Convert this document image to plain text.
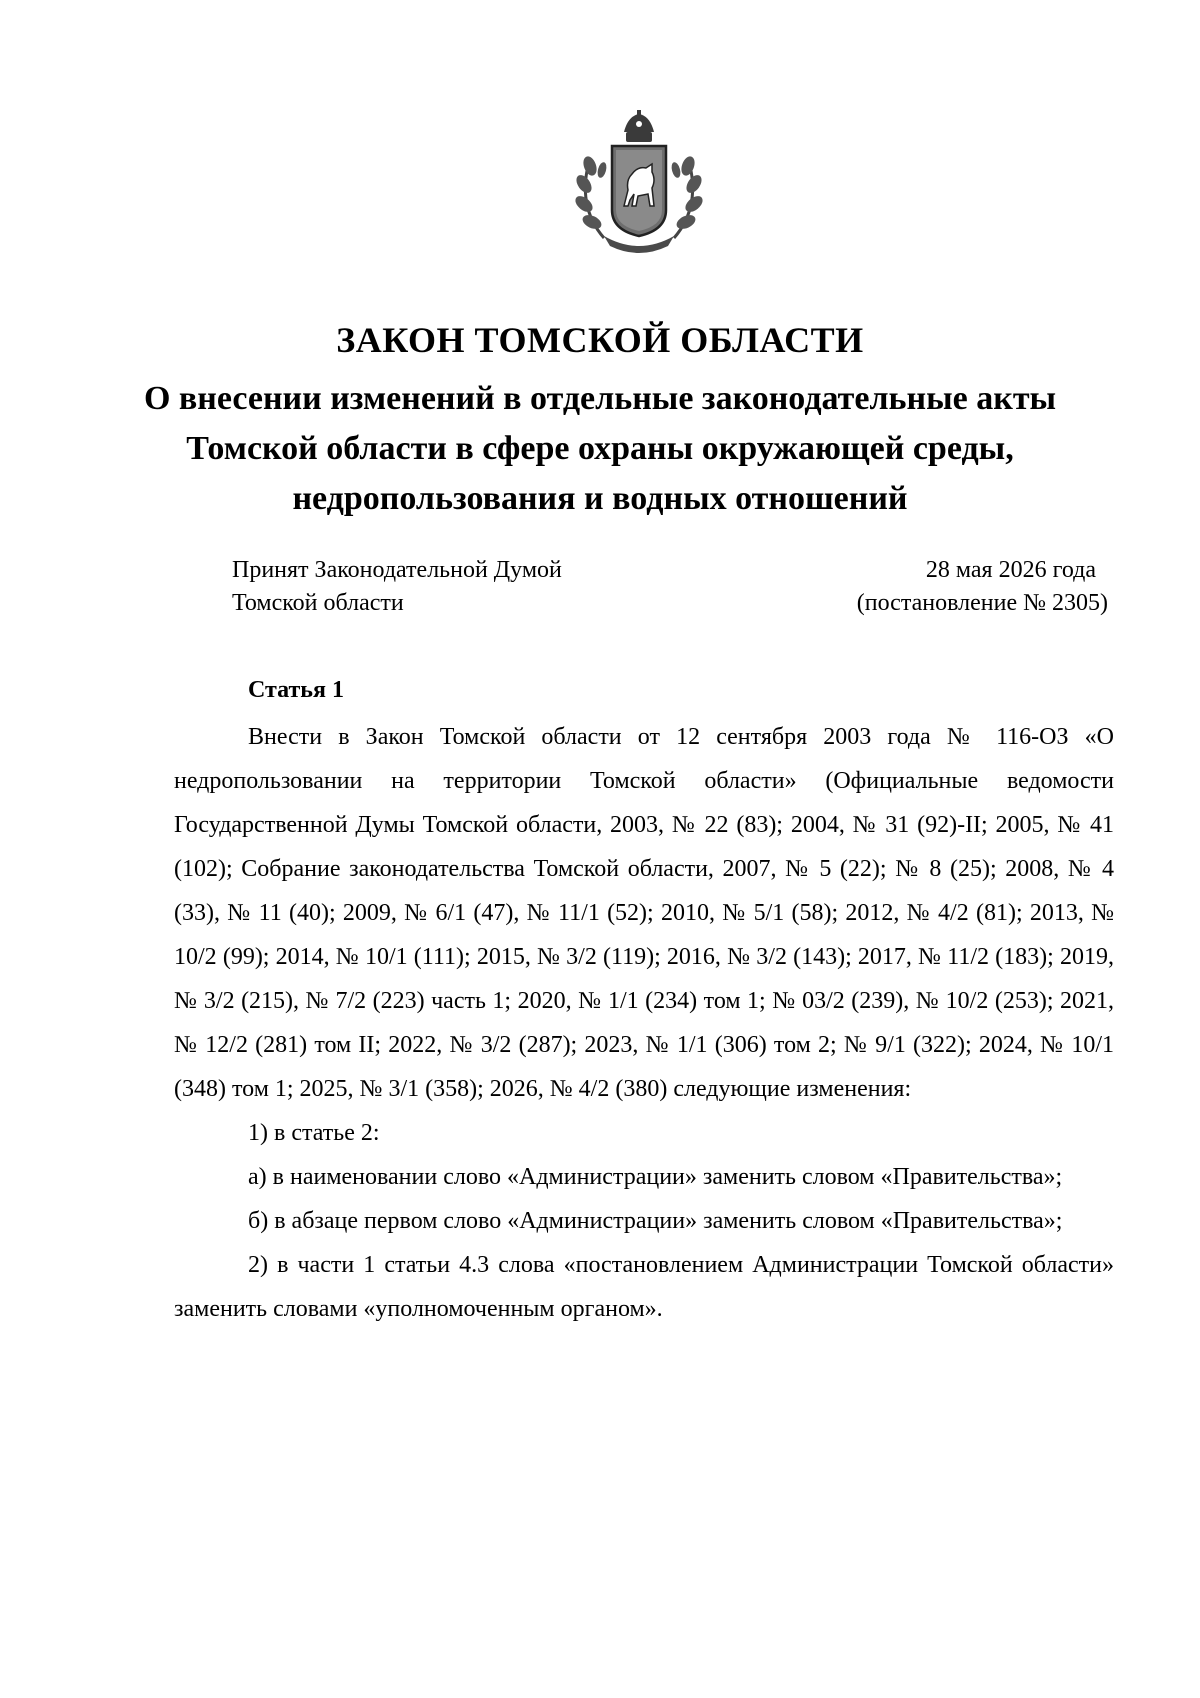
ЗАКОН ТОМСКОЙ ОБЛАСТИ
О внесении изменений в отдельные законодательные акты Томской области в сфере охраны окружающей среды, недропользования и водных отношений
Принят Законодательной Думой
Томской области
28 мая 2026 года
(постановление № 2305)
Статья 1

Внести в Закон Томской области от 12 сентября 2003 года № 116-ОЗ «О недропользовании на территории Томской области» (Официальные ведомости Государственной Думы Томской области, 2003, № 22 (83); 2004, № 31 (92)-II; 2005, № 41 (102); Собрание законодательства Томской области, 2007, № 5 (22); № 8 (25); 2008, № 4 (33), № 11 (40); 2009, № 6/1 (47), № 11/1 (52); 2010, № 5/1 (58); 2012, № 4/2 (81); 2013, № 10/2 (99); 2014, № 10/1 (111); 2015, № 3/2 (119); 2016, № 3/2 (143); 2017, № 11/2 (183); 2019, № 3/2 (215), № 7/2 (223) часть 1; 2020, № 1/1 (234) том 1; № 03/2 (239), № 10/2 (253); 2021, № 12/2 (281) том II; 2022, № 3/2 (287); 2023, № 1/1 (306) том 2; № 9/1 (322); 2024, № 10/1 (348) том 1; 2025, № 3/1 (358); 2026, № 4/2 (380) следующие изменения:

1) в статье 2:

а) в наименовании слово «Администрации» заменить словом «Правительства»;

б) в абзаце первом слово «Администрации» заменить словом «Правительства»;

2) в части 1 статьи 4.3 слова «постановлением Администрации Томской области» заменить словами «уполномоченным органом».
